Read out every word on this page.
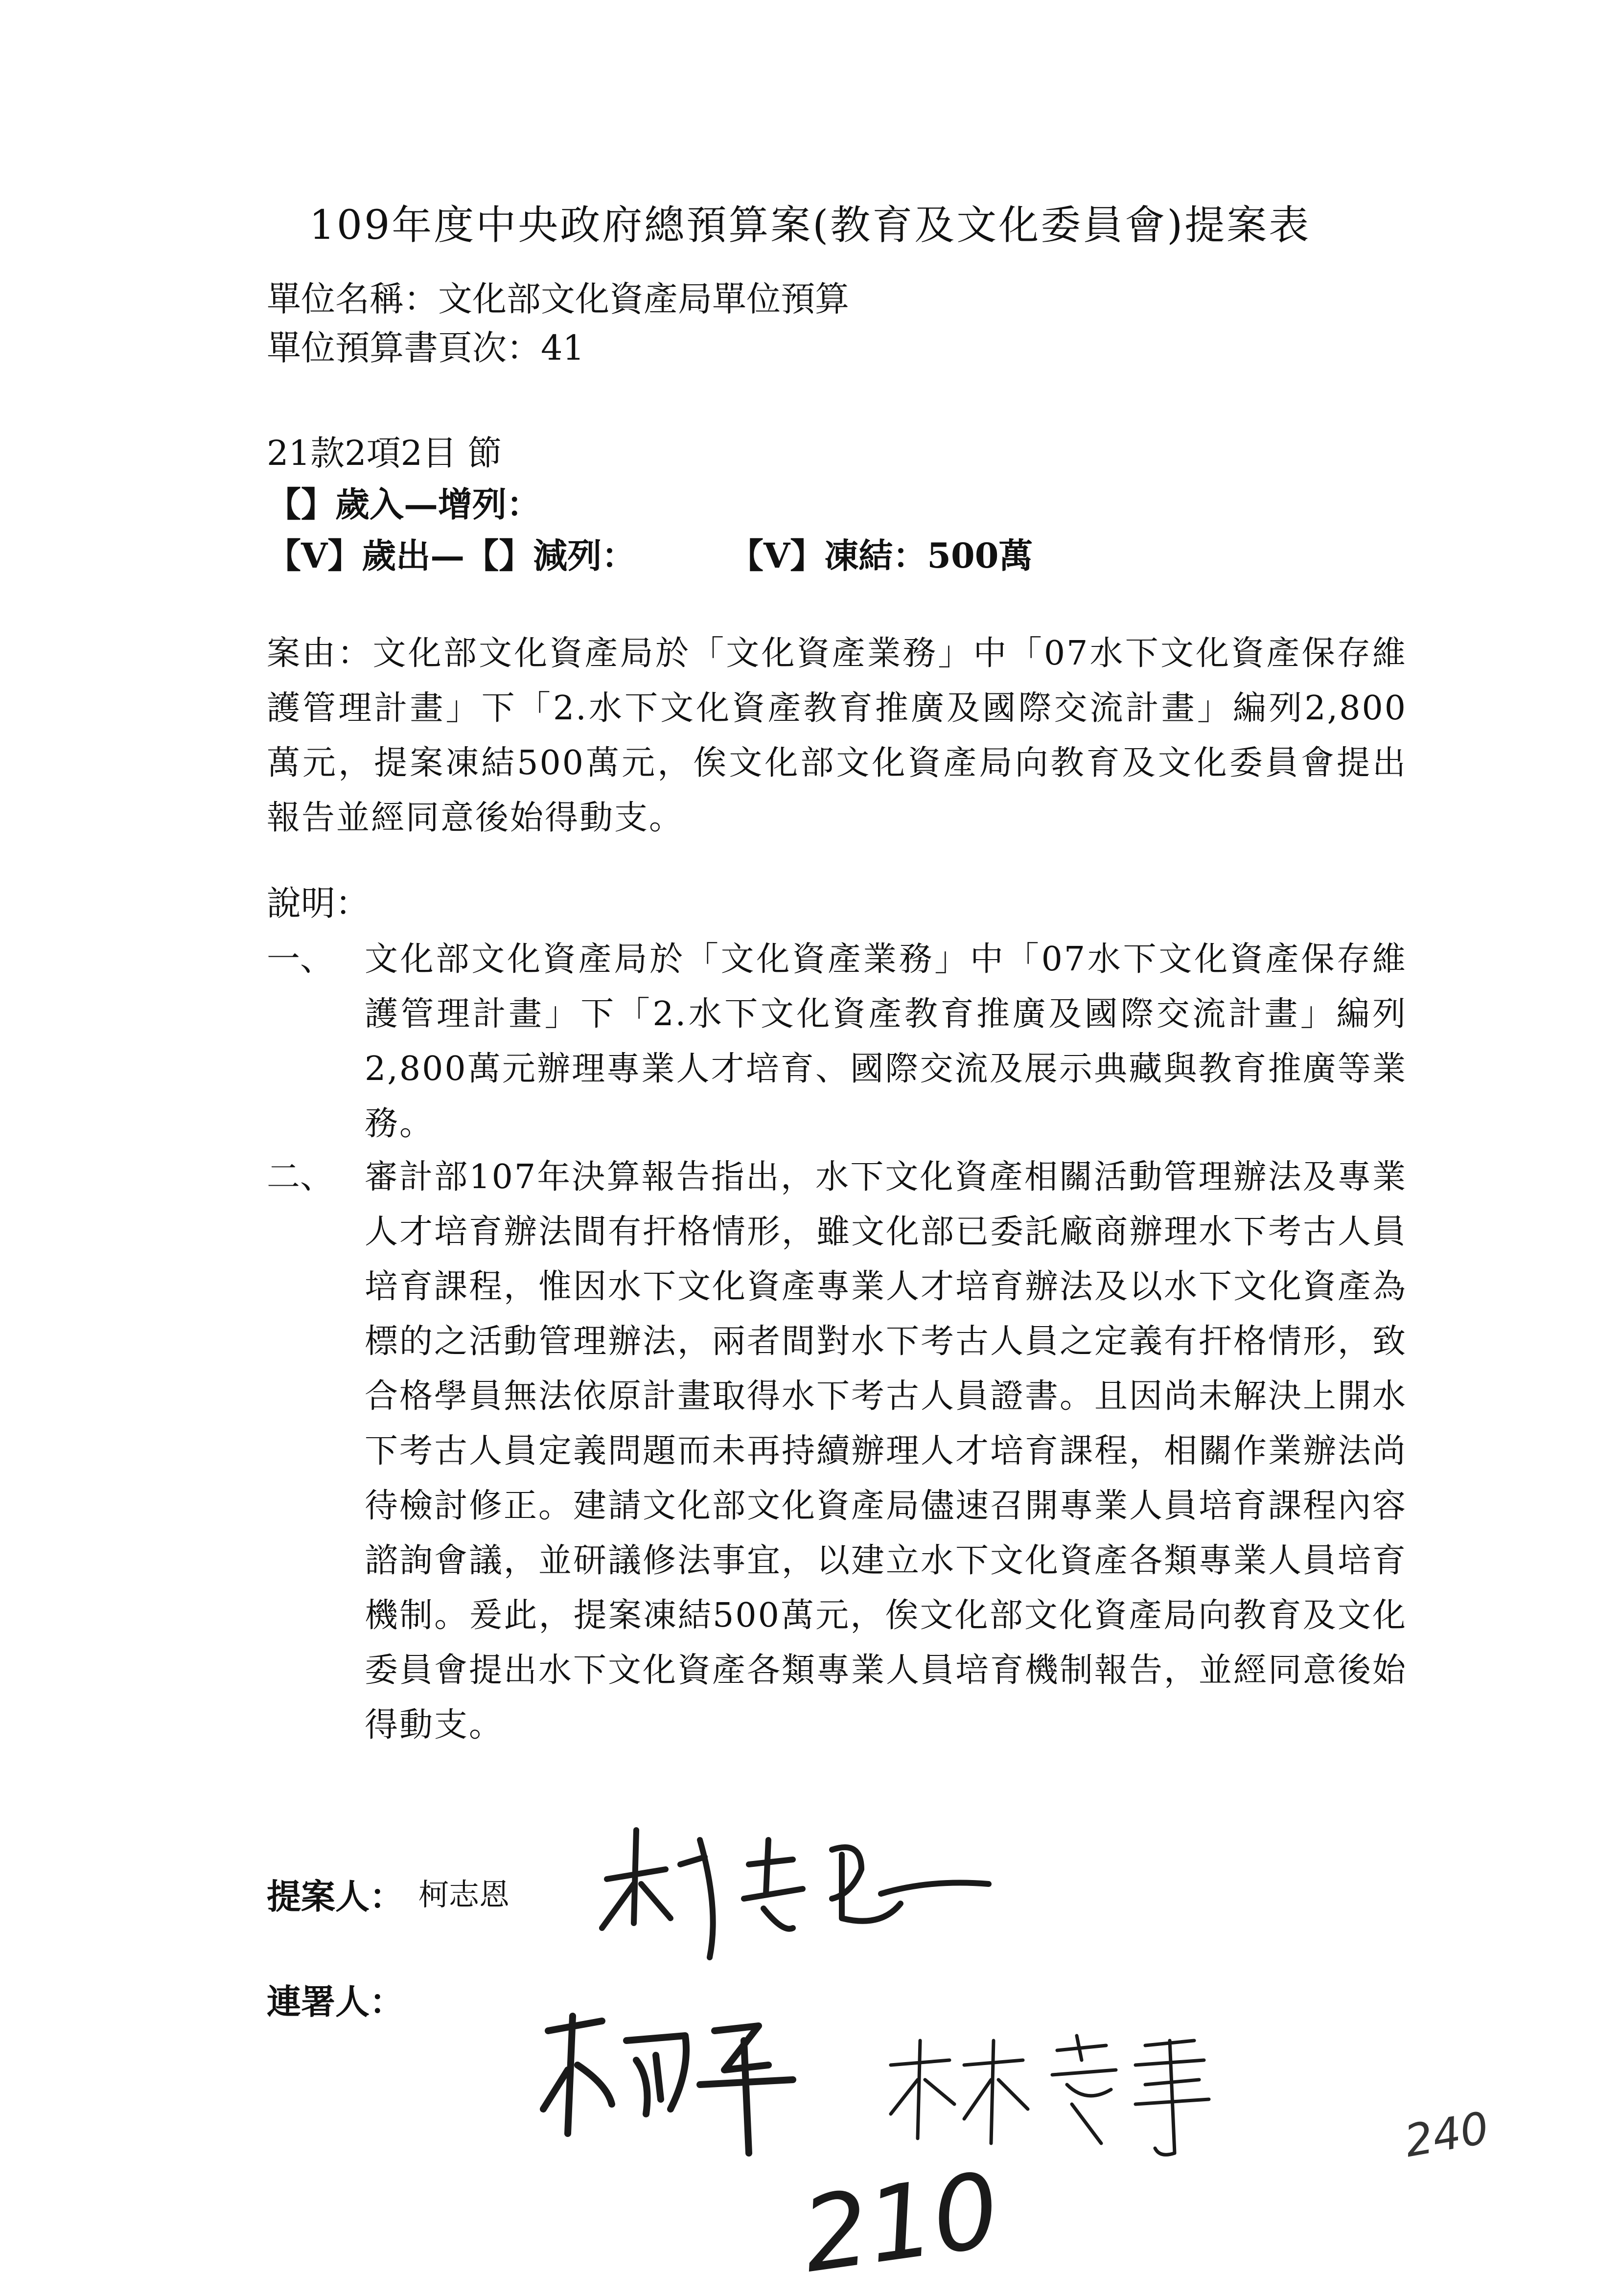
109年度中央政府總預算案(教育及文化委員會)提案表
單位名稱：文化部文化資產局單位預算
單位預算書頁次：41
21款2項2目 節
【】歲入—增列：
【V】歲出—【】減列：	【V】凍結：500萬
案由：文化部文化資產局於「文化資產業務」中「07水下文化資產保存維護管理計畫」下「2.水下文化資產教育推廣及國際交流計畫」編列2,800萬元，提案凍結500萬元，俟文化部文化資產局向教育及文化委員會提出報告並經同意後始得動支。
說明：
一、 文化部文化資產局於「文化資產業務」中「07水下文化資產保存維護管理計畫」下「2.水下文化資產教育推廣及國際交流計畫」編列2,800萬元辦理專業人才培育、國際交流及展示典藏與教育推廣等業務。
二、 審計部107年決算報告指出，水下文化資產相關活動管理辦法及專業人才培育辦法間有扞格情形，雖文化部已委託廠商辦理水下考古人員培育課程，惟因水下文化資產專業人才培育辦法及以水下文化資產為標的之活動管理辦法，兩者間對水下考古人員之定義有扞格情形，致合格學員無法依原計畫取得水下考古人員證書。且因尚未解決上開水下考古人員定義問題而未再持續辦理人才培育課程，相關作業辦法尚待檢討修正。建請文化部文化資產局儘速召開專業人員培育課程內容諮詢會議，並研議修法事宜，以建立水下文化資產各類專業人員培育機制。爰此，提案凍結500萬元，俟文化部文化資產局向教育及文化委員會提出水下文化資產各類專業人員培育機制報告，並經同意後始得動支。
提案人： 柯志恩
連署人：
210
240
